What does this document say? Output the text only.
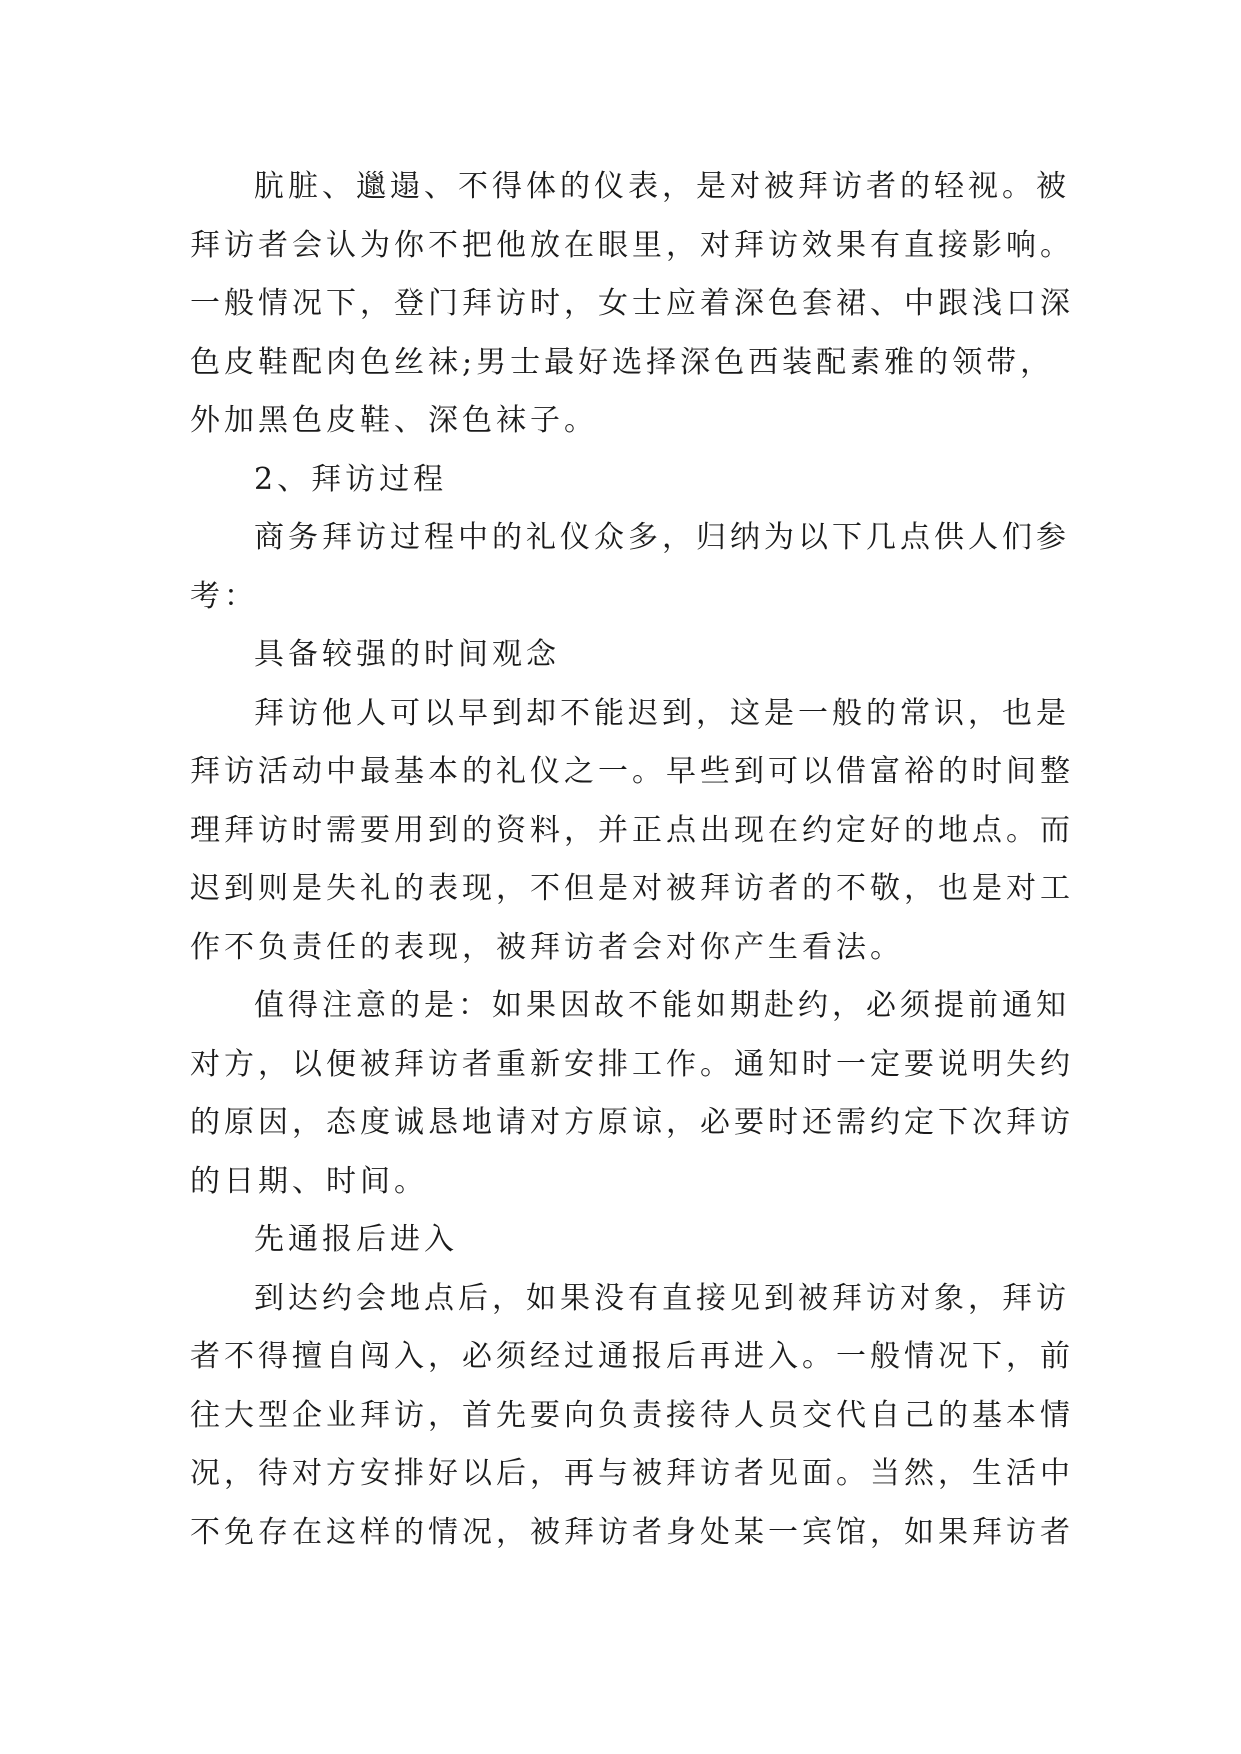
肮脏、邋遢、不得体的仪表，是对被拜访者的轻视。被
拜访者会认为你不把他放在眼里，对拜访效果有直接影响。
一般情况下，登门拜访时，女士应着深色套裙、中跟浅口深
色皮鞋配肉色丝袜;男士最好选择深色西装配素雅的领带，
外加黑色皮鞋、深色袜子。
2、拜访过程
商务拜访过程中的礼仪众多，归纳为以下几点供人们参
考：
具备较强的时间观念
拜访他人可以早到却不能迟到，这是一般的常识，也是
拜访活动中最基本的礼仪之一。早些到可以借富裕的时间整
理拜访时需要用到的资料，并正点出现在约定好的地点。而
迟到则是失礼的表现，不但是对被拜访者的不敬，也是对工
作不负责任的表现，被拜访者会对你产生看法。
值得注意的是：如果因故不能如期赴约，必须提前通知
对方，以便被拜访者重新安排工作。通知时一定要说明失约
的原因，态度诚恳地请对方原谅，必要时还需约定下次拜访
的日期、时间。
先通报后进入
到达约会地点后，如果没有直接见到被拜访对象，拜访
者不得擅自闯入，必须经过通报后再进入。一般情况下，前
往大型企业拜访，首先要向负责接待人员交代自己的基本情
况，待对方安排好以后，再与被拜访者见面。当然，生活中
不免存在这样的情况，被拜访者身处某一宾馆，如果拜访者
